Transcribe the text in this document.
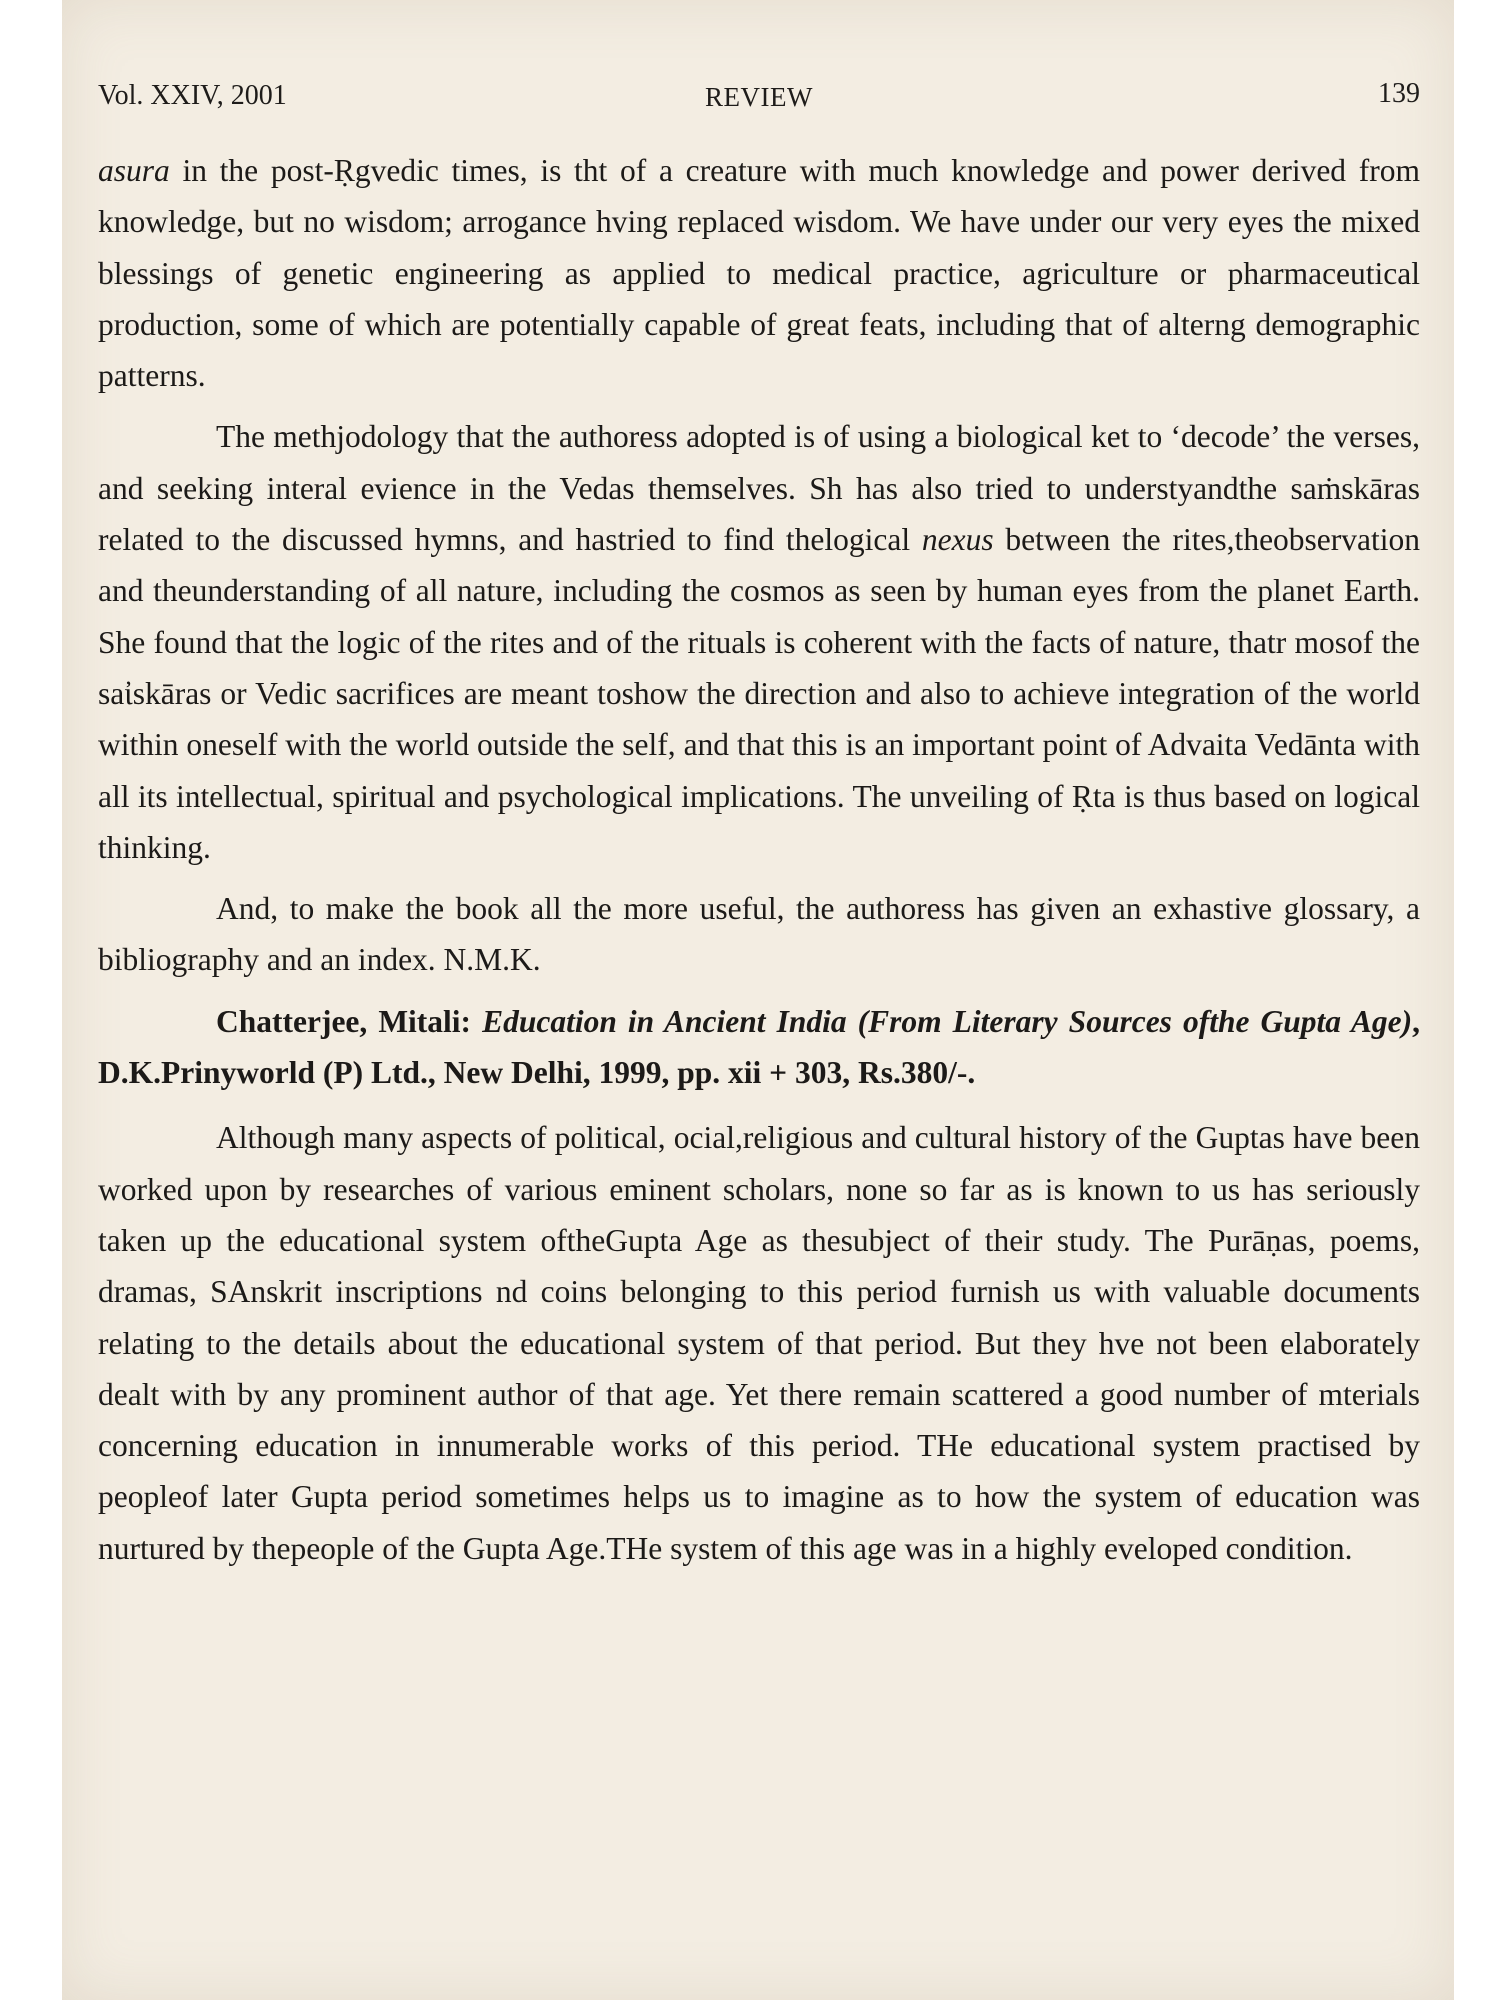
Vol. XXIV, 2001	REVIEW	139

asura in the post-Ṛgvedic times, is tht of a creature with much knowledge and power derived from knowledge, but no wisdom; arrogance hving replaced wisdom. We have under our very eyes the mixed blessings of genetic engineering as applied to medical practice, agriculture or pharmaceutical production, some of which are potentially capable of great feats, including that of alterng demographic patterns.

The methjodology that the authoress adopted is of using a biological ket to ‘decode’ the verses, and seeking interal evience in the Vedas themselves. Sh has also tried to understyandthe saṁskāras related to the discussed hymns, and hastried to find thelogical nexus between the rites,theobservation and theunderstanding of all nature, including the cosmos as seen by human eyes from the planet Earth. She found that the logic of the rites and of the rituals is coherent with the facts of nature, thatr mosof the saἰskāras or Vedic sacrifices are meant toshow the direction and also to achieve integration of the world within oneself with the world outside the self, and that this is an important point of Advaita Vedānta with all its intellectual, spiritual and psychological implications. The unveiling of Ṛta is thus based on logical thinking.

And, to make the book all the more useful, the authoress has given an exhastive glossary, a bibliography and an index. N.M.K.

Chatterjee, Mitali: Education in Ancient India (From Literary Sources ofthe Gupta Age), D.K.Prinyworld (P) Ltd., New Delhi, 1999, pp. xii + 303, Rs.380/-.

Although many aspects of political, ocial,religious and cultural history of the Guptas have been worked upon by researches of various eminent scholars, none so far as is known to us has seriously taken up the educational system oftheGupta Age as thesubject of their study. The Purāṇas, poems, dramas, SAnskrit inscriptions nd coins belonging to this period furnish us with valuable documents relating to the details about the educational system of that period. But they hve not been elaborately dealt with by any prominent author of that age. Yet there remain scattered a good number of mterials concerning education in innumerable works of this period. THe educational system practised by peopleof later Gupta period sometimes helps us to imagine as to how the system of education was nurtured by thepeople of the Gupta Age.THe system of this age was in a highly eveloped condition.
